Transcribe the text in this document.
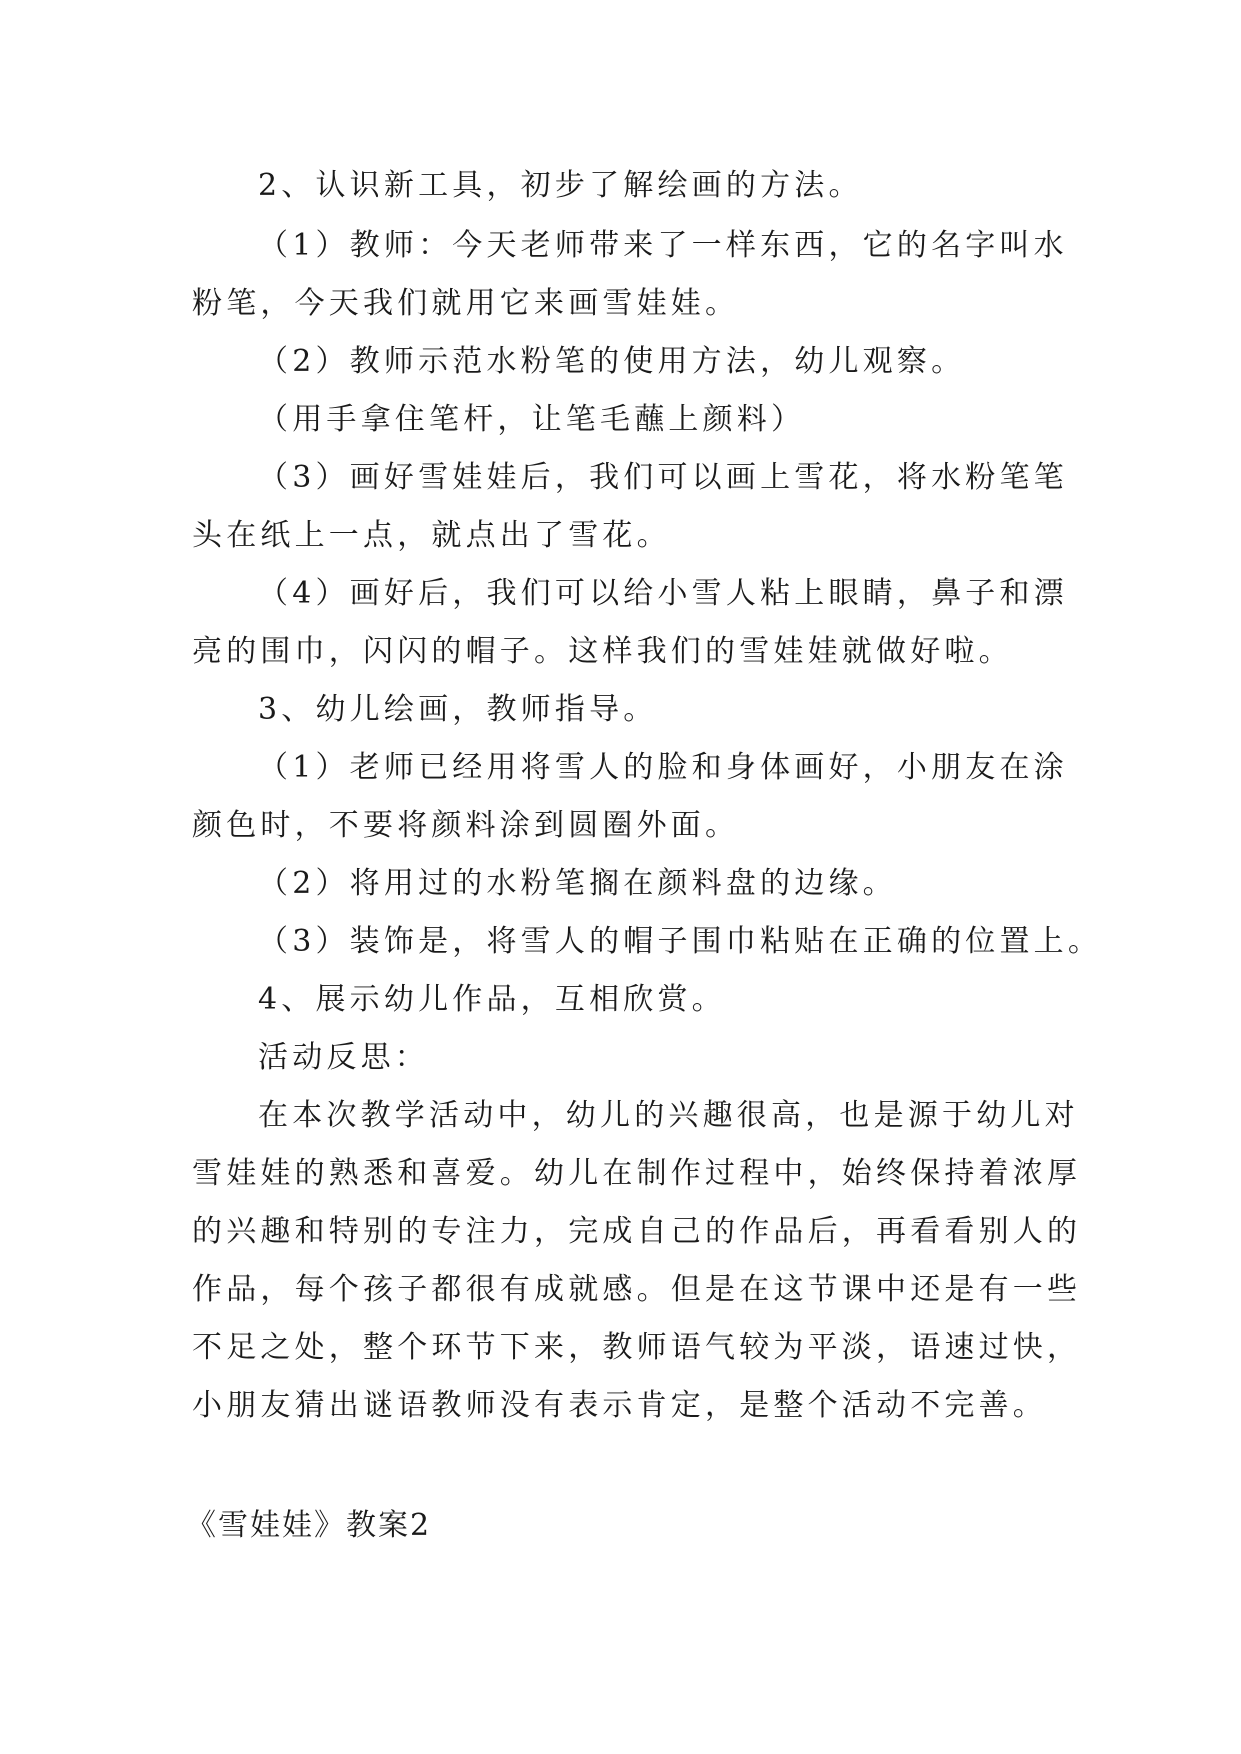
2、认识新工具，初步了解绘画的方法。
（1）教师：今天老师带来了一样东西，它的名字叫水
粉笔，今天我们就用它来画雪娃娃。
（2）教师示范水粉笔的使用方法，幼儿观察。
（用手拿住笔杆，让笔毛蘸上颜料）
（3）画好雪娃娃后，我们可以画上雪花，将水粉笔笔
头在纸上一点，就点出了雪花。
（4）画好后，我们可以给小雪人粘上眼睛，鼻子和漂
亮的围巾，闪闪的帽子。这样我们的雪娃娃就做好啦。
3、幼儿绘画，教师指导。
（1）老师已经用将雪人的脸和身体画好，小朋友在涂
颜色时，不要将颜料涂到圆圈外面。
（2）将用过的水粉笔搁在颜料盘的边缘。
（3）装饰是，将雪人的帽子围巾粘贴在正确的位置上。
4、展示幼儿作品，互相欣赏。
活动反思：
在本次教学活动中，幼儿的兴趣很高，也是源于幼儿对
雪娃娃的熟悉和喜爱。幼儿在制作过程中，始终保持着浓厚
的兴趣和特别的专注力，完成自己的作品后，再看看别人的
作品，每个孩子都很有成就感。但是在这节课中还是有一些
不足之处，整个环节下来，教师语气较为平淡，语速过快，
小朋友猜出谜语教师没有表示肯定，是整个活动不完善。
《雪娃娃》教案2
